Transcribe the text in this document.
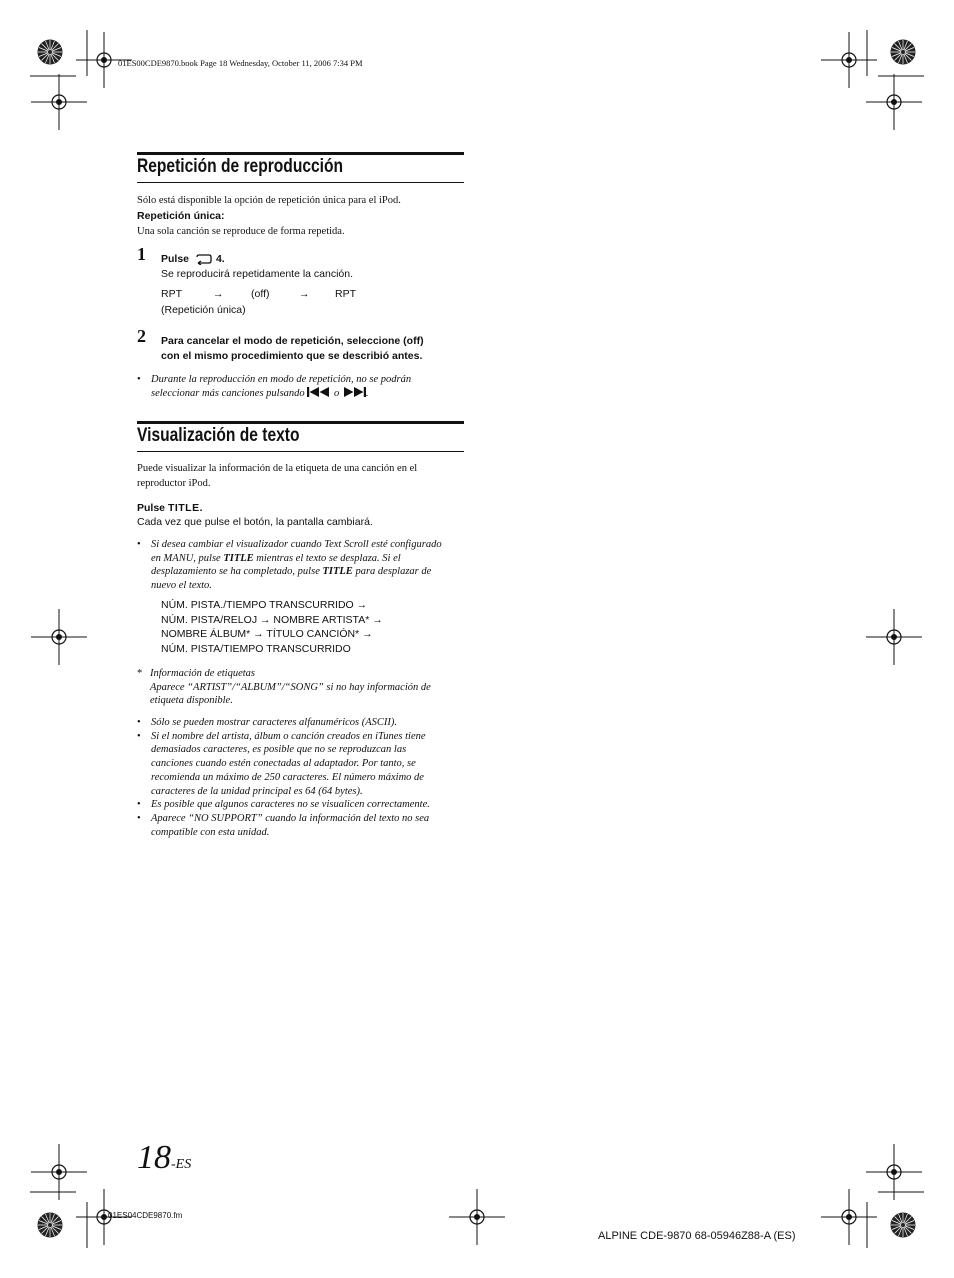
01ES00CDE9870.book Page 18 Wednesday, October 11, 2006 7:34 PM
Repetición de reproducción
Sólo está disponible la opción de repetición única para el iPod.
Repetición única:
Una sola canción se reproduce de forma repetida.
1 Pulse	4.
Se reproducirá repetidamente la canción.
RPT	→	(off)	→ RPT
(Repetición única)
2 Para cancelar el modo de repetición, seleccione (off)
con el mismo procedimiento que se describió antes.
• Durante la reproducción en modo de repetición, no se podrán
seleccionar más canciones pulsando	o	.
Visualización de texto
Puede visualizar la información de la etiqueta de una canción en el
reproductor iPod.
Pulse TITLE.
Cada vez que pulse el botón, la pantalla cambiará.
• Si desea cambiar el visualizador cuando Text Scroll esté configurado
en MANU, pulse TITLE mientras el texto se desplaza. Si el
desplazamiento se ha completado, pulse TITLE para desplazar de
nuevo el texto.
NÚM. PISTA./TIEMPO TRANSCURRIDO →
NÚM. PISTA/RELOJ → NOMBRE ARTISTA* →
NOMBRE ÁLBUM* → TÍTULO CANCIÓN* →
NÚM. PISTA/TIEMPO TRANSCURRIDO
* Información de etiquetas
Aparece “ARTIST”/“ALBUM”/“SONG” si no hay información de
etiqueta disponible.
• Sólo se pueden mostrar caracteres alfanuméricos (ASCII).
• Si el nombre del artista, álbum o canción creados en iTunes tiene
demasiados caracteres, es posible que no se reproduzcan las
canciones cuando estén conectadas al adaptador. Por tanto, se
recomienda un máximo de 250 caracteres. El número máximo de
caracteres de la unidad principal es 64 (64 bytes).
• Es posible que algunos caracteres no se visualicen correctamente.
• Aparece “NO SUPPORT” cuando la información del texto no sea
compatible con esta unidad.
18-ES
01ES04CDE9870.fm
ALPINE CDE-9870 68-05946Z88-A (ES)
